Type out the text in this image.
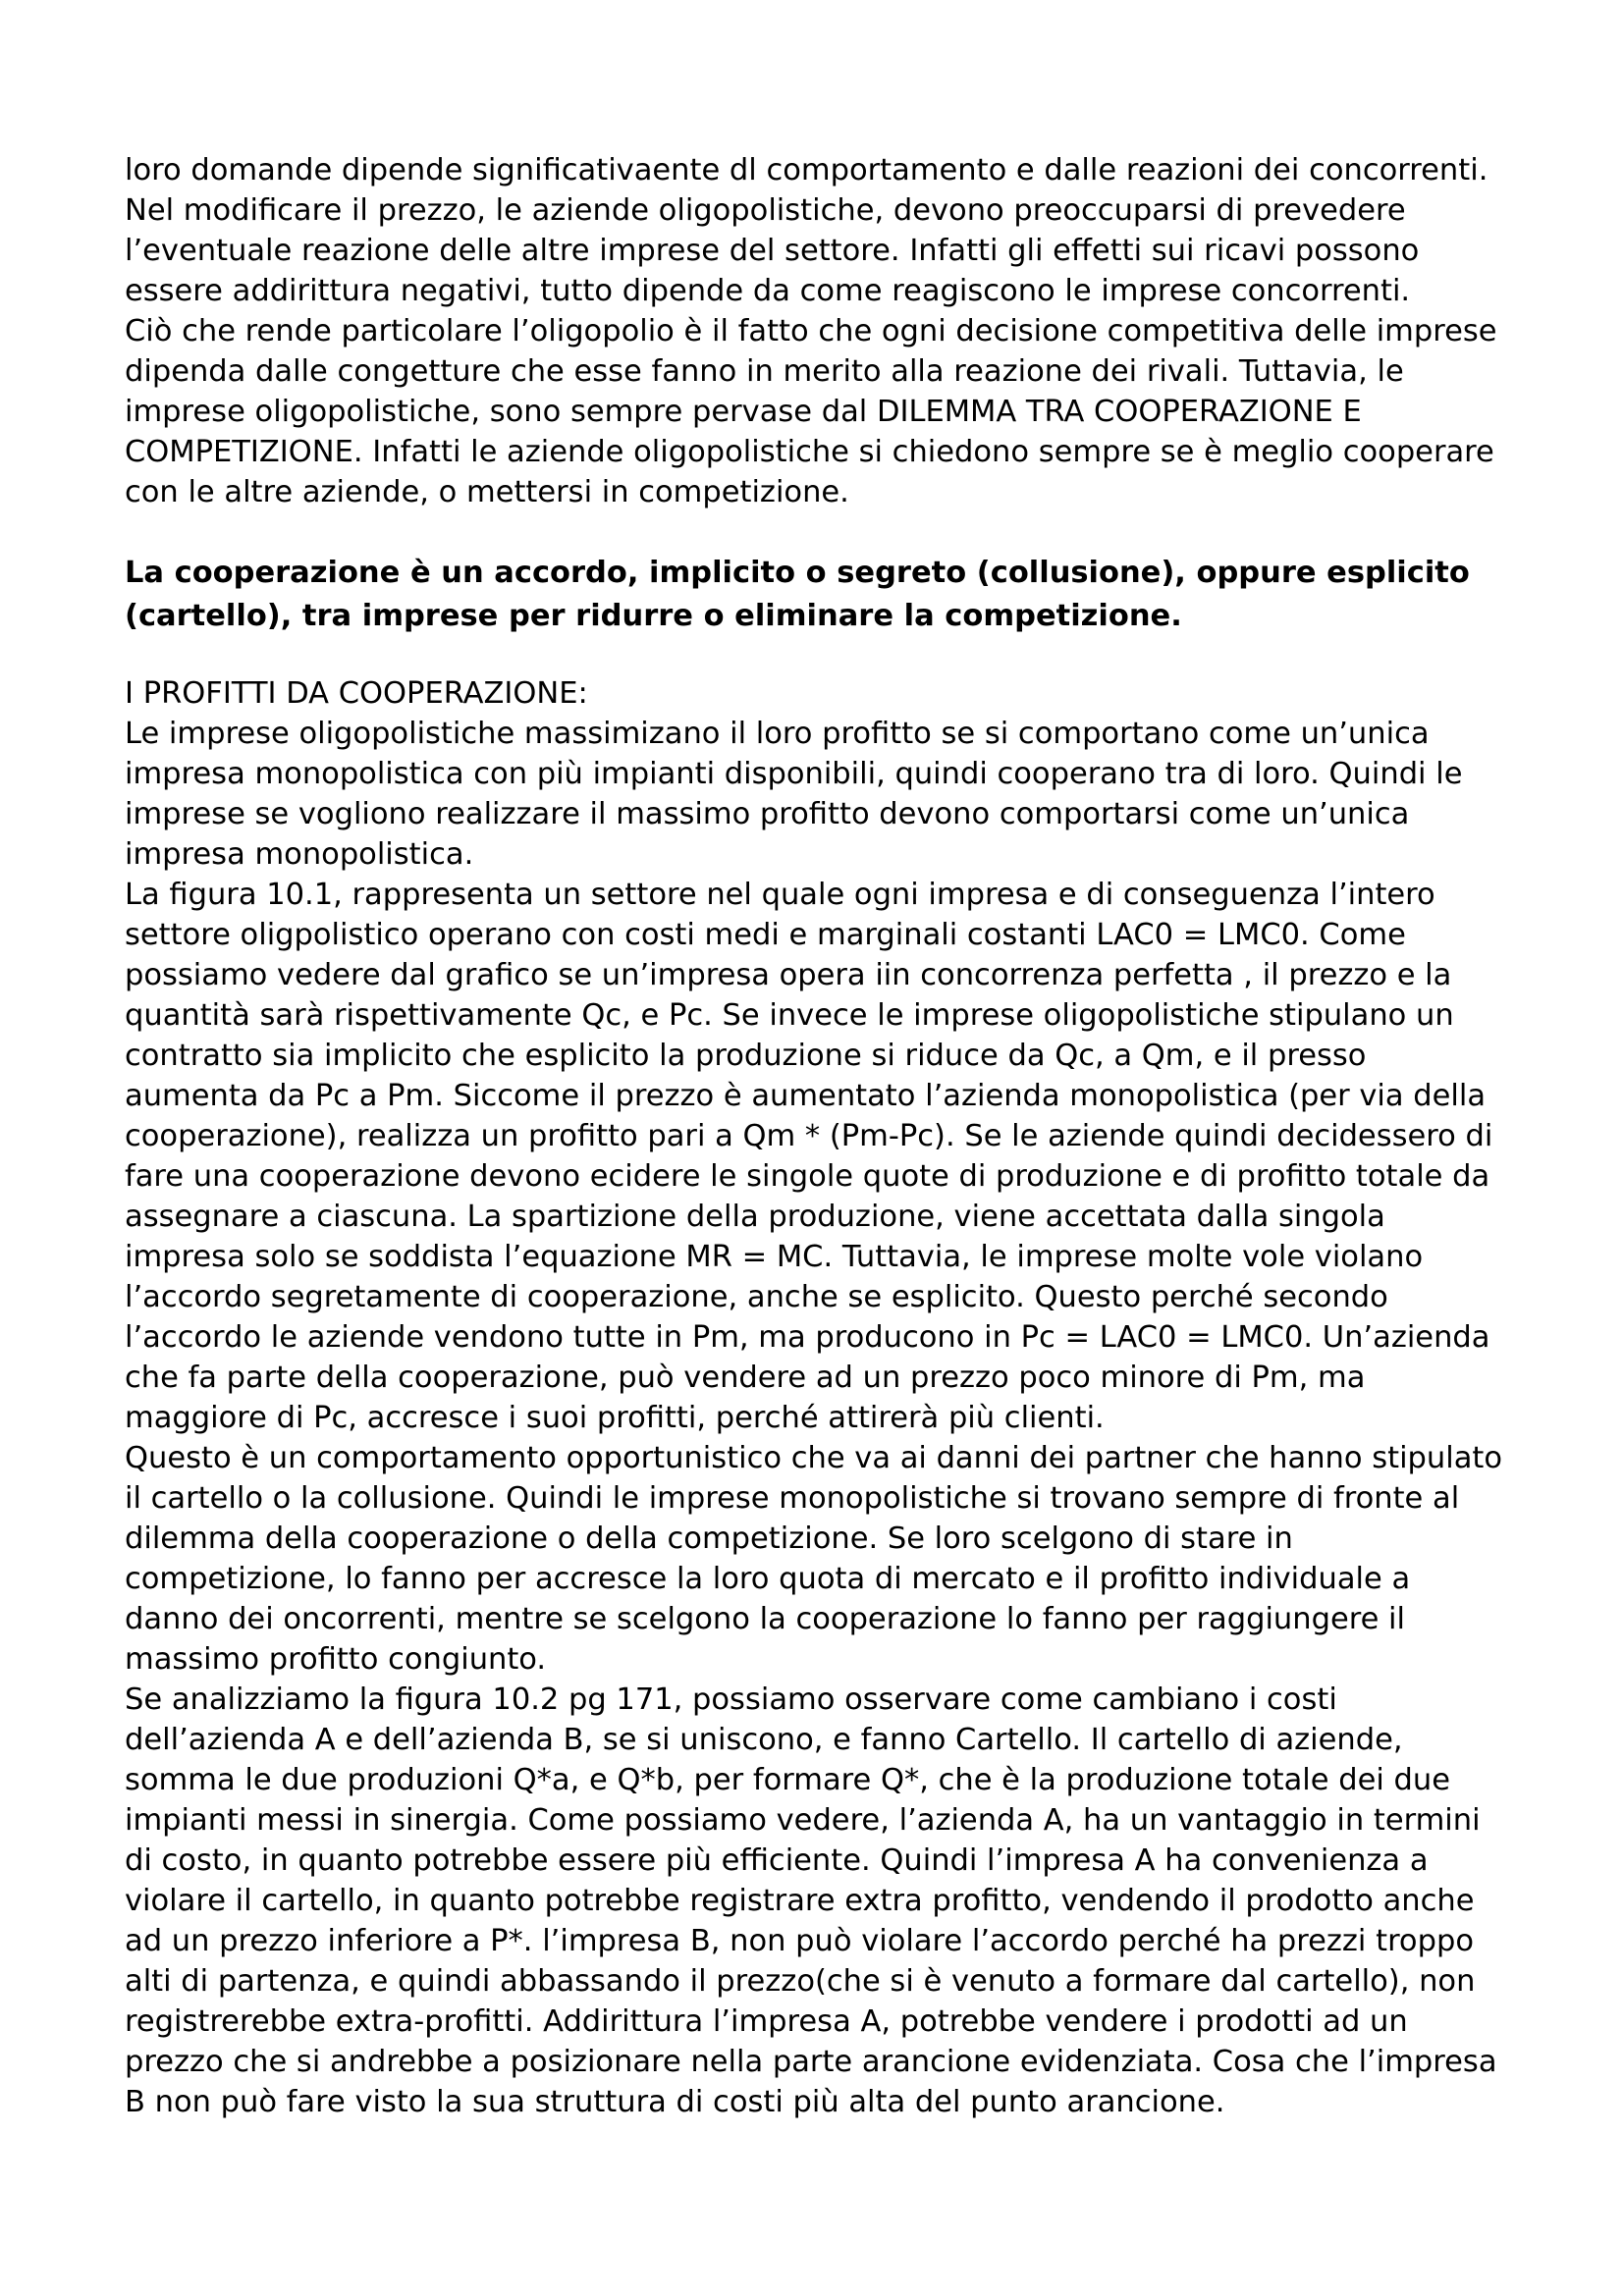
loro domande dipende significativaente dl comportamento e dalle reazioni dei concorrenti.
Nel modificare il prezzo, le aziende oligopolistiche, devono preoccuparsi di prevedere
l’eventuale reazione delle altre imprese del settore. Infatti gli effetti sui ricavi possono
essere addirittura negativi, tutto dipende da come reagiscono le imprese concorrenti.
Ciò che rende particolare l’oligopolio è il fatto che ogni decisione competitiva delle imprese
dipenda dalle congetture che esse fanno in merito alla reazione dei rivali. Tuttavia, le
imprese oligopolistiche, sono sempre pervase dal DILEMMA TRA COOPERAZIONE E
COMPETIZIONE. Infatti le aziende oligopolistiche si chiedono sempre se è meglio cooperare
con le altre aziende, o mettersi in competizione.

La cooperazione è un accordo, implicito o segreto (collusione), oppure esplicito
(cartello), tra imprese per ridurre o eliminare la competizione.

I PROFITTI DA COOPERAZIONE:
Le imprese oligopolistiche massimizano il loro profitto se si comportano come un’unica
impresa monopolistica con più impianti disponibili, quindi cooperano tra di loro. Quindi le
imprese se vogliono realizzare il massimo profitto devono comportarsi come un’unica
impresa monopolistica.
La figura 10.1, rappresenta un settore nel quale ogni impresa e di conseguenza l’intero
settore oligpolistico operano con costi medi e marginali costanti LAC0 = LMC0. Come
possiamo vedere dal grafico se un’impresa opera iin concorrenza perfetta , il prezzo e la
quantità sarà rispettivamente Qc, e Pc. Se invece le imprese oligopolistiche stipulano un
contratto sia implicito che esplicito la produzione si riduce da Qc, a Qm, e il presso
aumenta da Pc a Pm. Siccome il prezzo è aumentato l’azienda monopolistica (per via della
cooperazione), realizza un profitto pari a Qm * (Pm-Pc). Se le aziende quindi decidessero di
fare una cooperazione devono ecidere le singole quote di produzione e di profitto totale da
assegnare a ciascuna. La spartizione della produzione, viene accettata dalla singola
impresa solo se soddista l’equazione MR = MC. Tuttavia, le imprese molte vole violano
l’accordo segretamente di cooperazione, anche se esplicito. Questo perché secondo
l’accordo le aziende vendono tutte in Pm, ma producono in Pc = LAC0 = LMC0. Un’azienda
che fa parte della cooperazione, può vendere ad un prezzo poco minore di Pm, ma
maggiore di Pc, accresce i suoi profitti, perché attirerà più clienti.
Questo è un comportamento opportunistico che va ai danni dei partner che hanno stipulato
il cartello o la collusione. Quindi le imprese monopolistiche si trovano sempre di fronte al
dilemma della cooperazione o della competizione. Se loro scelgono di stare in
competizione, lo fanno per accresce la loro quota di mercato e il profitto individuale a
danno dei oncorrenti, mentre se scelgono la cooperazione lo fanno per raggiungere il
massimo profitto congiunto.
Se analizziamo la figura 10.2 pg 171, possiamo osservare come cambiano i costi
dell’azienda A e dell’azienda B, se si uniscono, e fanno Cartello. Il cartello di aziende,
somma le due produzioni Q*a, e Q*b, per formare Q*, che è la produzione totale dei due
impianti messi in sinergia. Come possiamo vedere, l’azienda A, ha un vantaggio in termini
di costo, in quanto potrebbe essere più efficiente. Quindi l’impresa A ha convenienza a
violare il cartello, in quanto potrebbe registrare extra profitto, vendendo il prodotto anche
ad un prezzo inferiore a P*. l’impresa B, non può violare l’accordo perché ha prezzi troppo
alti di partenza, e quindi abbassando il prezzo(che si è venuto a formare dal cartello), non
registrerebbe extra-profitti. Addirittura l’impresa A, potrebbe vendere i prodotti ad un
prezzo che si andrebbe a posizionare nella parte arancione evidenziata. Cosa che l’impresa
B non può fare visto la sua struttura di costi più alta del punto arancione.
